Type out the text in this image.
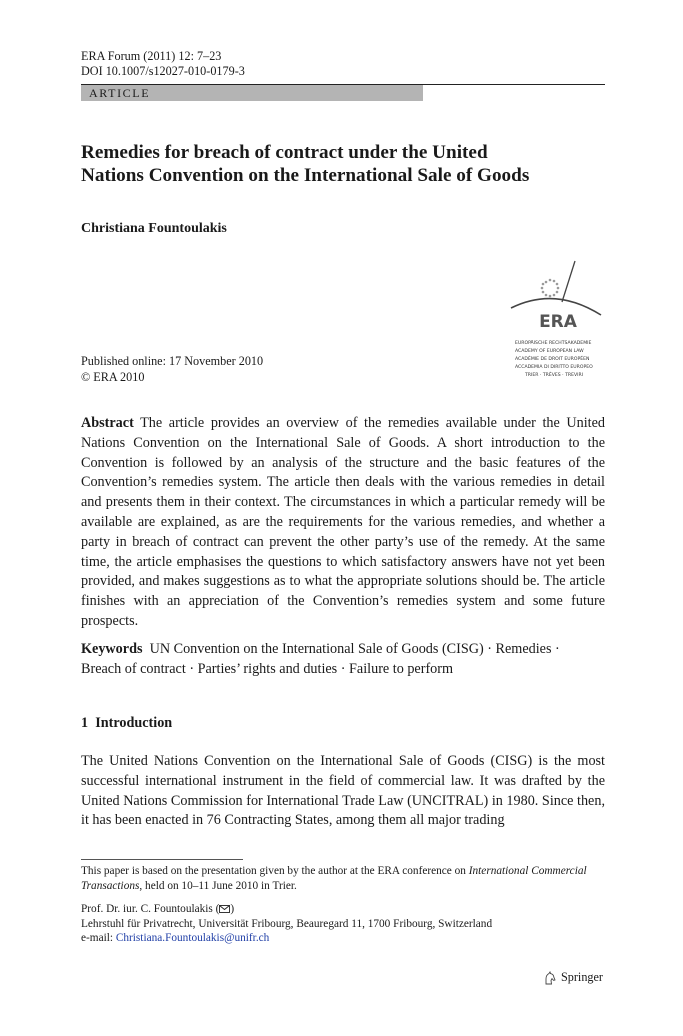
ERA Forum (2011) 12: 7–23
DOI 10.1007/s12027-010-0179-3
ARTICLE
Remedies for breach of contract under the United
Nations Convention on the International Sale of Goods
Christiana Fountoulakis
ERA
EUROPÄISCHE RECHTSAKADEMIE
ACADEMY OF EUROPEAN LAW
ACADÉMIE DE DROIT EUROPÉEN
ACCADEMIA DI DIRITTO EUROPEO
TRIER · TRÈVES · TREVIRI
Published online: 17 November 2010
© ERA 2010
Abstract The article provides an overview of the remedies available under the United Nations Convention on the International Sale of Goods. A short introduction to the Convention is followed by an analysis of the structure and the basic features of the Convention’s remedies system. The article then deals with the various remedies in detail and presents them in their context. The circumstances in which a particular remedy will be available are explained, as are the requirements for the various remedies, and whether a party in breach of contract can prevent the other party’s use of the remedy. At the same time, the article emphasises the questions to which satisfactory answers have not yet been provided, and makes suggestions as to what the appropriate solutions should be. The article finishes with an appreciation of the Convention’s remedies system and some future prospects.
Keywords UN Convention on the International Sale of Goods (CISG) · Remedies ·
Breach of contract · Parties’ rights and duties · Failure to perform
1 Introduction
The United Nations Convention on the International Sale of Goods (CISG) is the most successful international instrument in the field of commercial law. It was drafted by the United Nations Commission for International Trade Law (UNCITRAL) in 1980. Since then, it has been enacted in 76 Contracting States, among them all major trading
This paper is based on the presentation given by the author at the ERA conference on International Commercial Transactions, held on 10–11 June 2010 in Trier.
Prof. Dr. iur. C. Fountoulakis ( )
Lehrstuhl für Privatrecht, Universität Fribourg, Beauregard 11, 1700 Fribourg, Switzerland
e-mail: Christiana.Fountoulakis@unifr.ch
Springer
